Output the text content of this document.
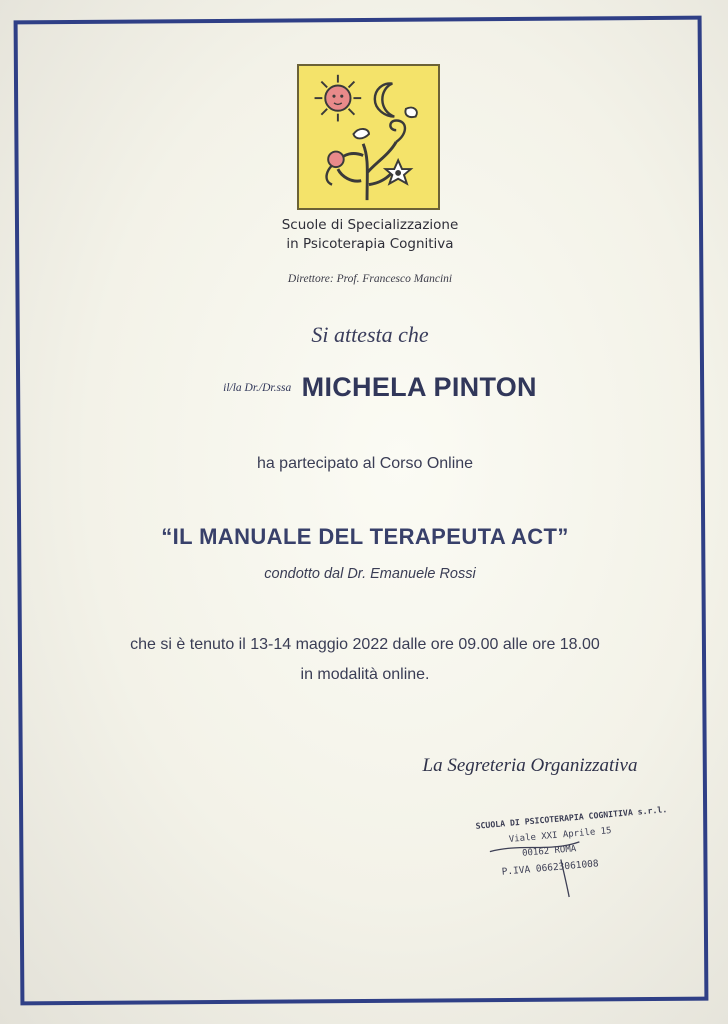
Scuole di Specializzazione
in Psicoterapia Cognitiva
Direttore: Prof. Francesco Mancini
Si attesta che
il/la Dr./Dr.ssa MICHELA PINTON
ha partecipato al Corso Online
“IL MANUALE DEL TERAPEUTA ACT”
condotto dal Dr. Emanuele Rossi
che si è tenuto il 13-14 maggio 2022 dalle ore 09.00 alle ore 18.00
in modalità online.
La Segreteria Organizzativa
SCUOLA DI PSICOTERAPIA COGNITIVA s.r.l.
Viale XXI Aprile 15
00162 ROMA
P.IVA 06623061008
